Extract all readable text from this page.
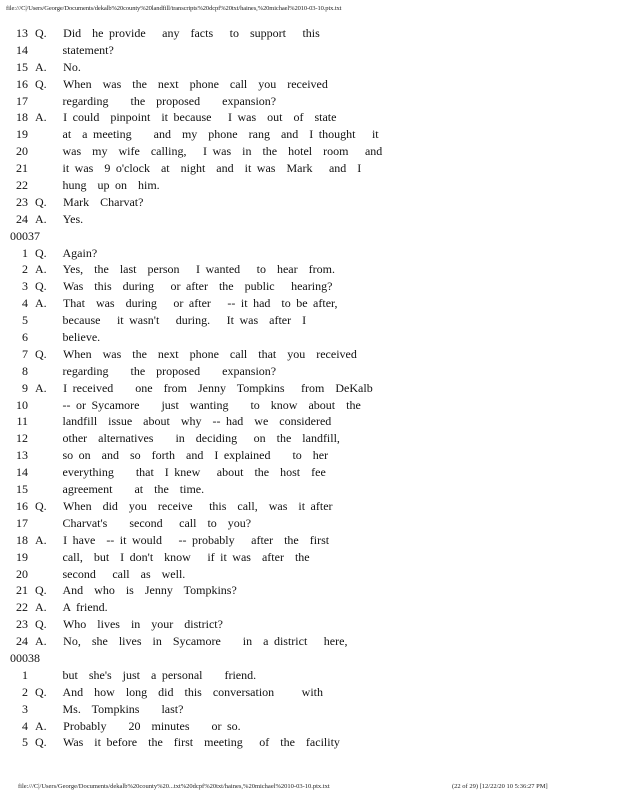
file:///C|/Users/George/Documents/dekalb%20county%20landfill/transcripts%20dcpf%20txt/haines,%20michael%2010-03-10.ptx.txt
13 Q.   Did  he provide   any  facts   to  support   this
14 statement?
15 A.   No.
16 Q.   When  was  the  next  phone  call  you  received
17 regarding    the  proposed    expansion?
18 A.   I could  pinpoint  it because   I was  out  of  state
19 at  a meeting    and  my  phone  rang  and  I thought   it
20 was  my  wife  calling,   I was  in  the  hotel  room   and
21 it was  9 o'clock  at  night  and  it was  Mark   and  I
22 hung  up on  him.
23 Q.   Mark  Charvat?
24 A.   Yes.
00037
1 Q.   Again?
2 A.   Yes,  the  last  person   I wanted   to  hear  from.
3 Q.   Was  this  during   or after  the  public   hearing?
4 A.   That  was  during   or after   -- it had  to be after,
5 because   it wasn't   during.   It was  after  I
6 believe.
7 Q.   When  was  the  next  phone  call  that  you  received
8 regarding    the  proposed    expansion?
9 A.   I received    one  from  Jenny  Tompkins   from  DeKalb
10 -- or Sycamore    just  wanting    to  know  about  the
11 landfill  issue  about  why  -- had  we  considered
12 other  alternatives    in  deciding   on  the  landfill,
13 so on  and  so  forth  and  I explained    to  her
14 everything    that  I knew   about  the  host  fee
15 agreement    at  the  time.
16 Q.   When  did  you  receive   this  call,  was  it after
17 Charvat's    second   call  to  you?
18 A.   I have  -- it would   -- probably   after  the  first
19 call,  but  I don't  know   if it was  after  the
20 second   call  as  well.
21 Q.   And  who  is  Jenny  Tompkins?
22 A.   A friend.
23 Q.   Who  lives  in  your  district?
24 A.   No,  she  lives  in  Sycamore    in  a district   here,
00038
1 but  she's  just  a personal    friend.
2 Q.   And  how  long  did  this  conversation     with
3 Ms.  Tompkins    last?
4 A.   Probably    20  minutes    or so.
5 Q.   Was  it before  the  first  meeting   of  the  facility
file:///C|/Users/George/Documents/dekalb%20county%20...txt%20dcpf%20txt/haines,%20michael%2010-03-10.ptx.txt	(22 of 29) [12/22/20 10 5:36:27 PM]
